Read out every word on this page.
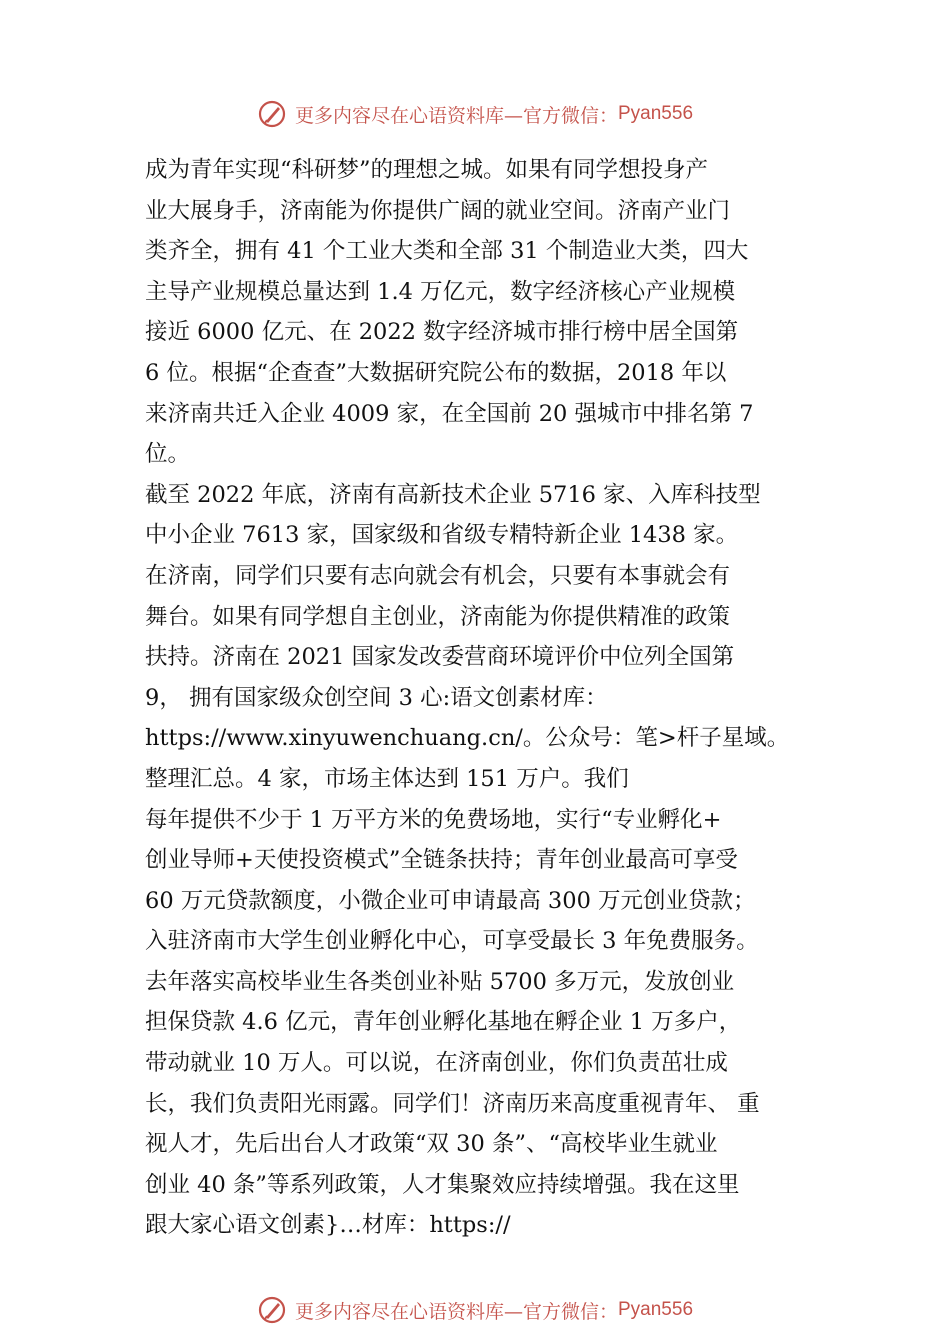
更多内容尽在心语资料库—官方微信： Pyan556
成为青年实现“科研梦”的理想之城。如果有同学想投身产
业大展身手，济南能为你提供广阔的就业空间。济南产业门
类齐全，拥有 41 个工业大类和全部 31 个制造业大类，四大
主导产业规模总量达到 1.4 万亿元，数字经济核心产业规模
接近 6000 亿元、在 2022 数字经济城市排行榜中居全国第
6 位。根据“企查查”大数据研究院公布的数据，2018 年以
来济南共迁入企业 4009 家，在全国前 20 强城市中排名第 7
位。
截至 2022 年底，济南有高新技术企业 5716 家、入库科技型
中小企业 7613 家，国家级和省级专精特新企业 1438 家。
在济南，同学们只要有志向就会有机会，只要有本事就会有
舞台。如果有同学想自主创业，济南能为你提供精准的政策
扶持。济南在 2021 国家发改委营商环境评价中位列全国第
9， 拥有国家级众创空间 3 心:语文创素材库：
https://www.xinyuwenchuang.cn/。公众号：笔>杆子星域。
整理汇总。4 家，市场主体达到 151 万户。我们
每年提供不少于 1 万平方米的免费场地，实行“专业孵化+
创业导师+天使投资模式”全链条扶持；青年创业最高可享受
60 万元贷款额度，小微企业可申请最高 300 万元创业贷款；
入驻济南市大学生创业孵化中心，可享受最长 3 年免费服务。
去年落实高校毕业生各类创业补贴 5700 多万元，发放创业
担保贷款 4.6 亿元，青年创业孵化基地在孵企业 1 万多户，
带动就业 10 万人。可以说，在济南创业，你们负责茁壮成
长，我们负责阳光雨露。同学们！济南历来高度重视青年、 重
视人才，先后出台人才政策“双 30 条”、“高校毕业生就业
创业 40 条”等系列政策，人才集聚效应持续增强。我在这里
跟大家心语文创素}…材库：https://
更多内容尽在心语资料库—官方微信： Pyan556
